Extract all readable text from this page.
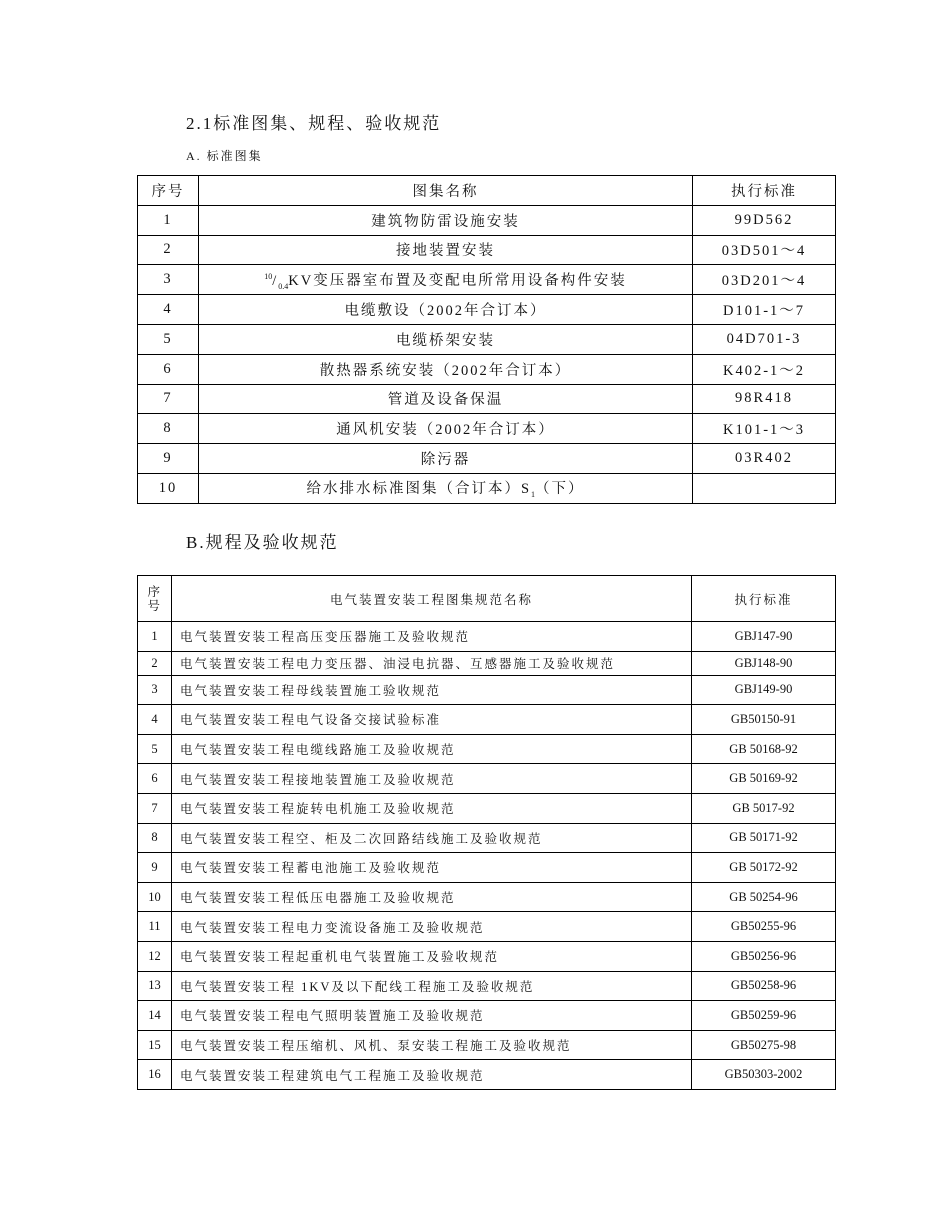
2.1标准图集、规程、验收规范
A. 标准图集
序号	图集名称	执行标准
1	建筑物防雷设施安装	99D562
2	接地装置安装	03D501～4
3	$^{10}/_{0.4}KV$变压器室布置及变配电所常用设备构件安装	03D201～4
4	电缆敷设（2002年合订本）	D101-1～7
5	电缆桥架安装	04D701-3
6	散热器系统安装（2002年合订本）	K402-1～2
7	管道及设备保温	98R418
8	通风机安装（2002年合订本）	K101-1～3
9	除污器	03R402
10	给水排水标准图集（合订本）$S_1$（下）	
B.规程及验收规范
序号	电气装置安装工程图集规范名称	执行标准
1	电气装置安装工程高压变压器施工及验收规范	GBJ147-90
2	电气装置安装工程电力变压器、油浸电抗器、互感器施工及验收规范	GBJ148-90
3	电气装置安装工程母线装置施工验收规范	GBJ149-90
4	电气装置安装工程电气设备交接试验标准	GB50150-91
5	电气装置安装工程电缆线路施工及验收规范	GB 50168-92
6	电气装置安装工程接地装置施工及验收规范	GB 50169-92
7	电气装置安装工程旋转电机施工及验收规范	GB 5017-92
8	电气装置安装工程空、柜及二次回路结线施工及验收规范	GB 50171-92
9	电气装置安装工程蓄电池施工及验收规范	GB 50172-92
10	电气装置安装工程低压电器施工及验收规范	GB 50254-96
11	电气装置安装工程电力变流设备施工及验收规范	GB50255-96
12	电气装置安装工程起重机电气装置施工及验收规范	GB50256-96
13	电气装置安装工程 1KV及以下配线工程施工及验收规范	GB50258-96
14	电气装置安装工程电气照明装置施工及验收规范	GB50259-96
15	电气装置安装工程压缩机、风机、泵安装工程施工及验收规范	GB50275-98
16	电气装置安装工程建筑电气工程施工及验收规范	GB50303-2002
